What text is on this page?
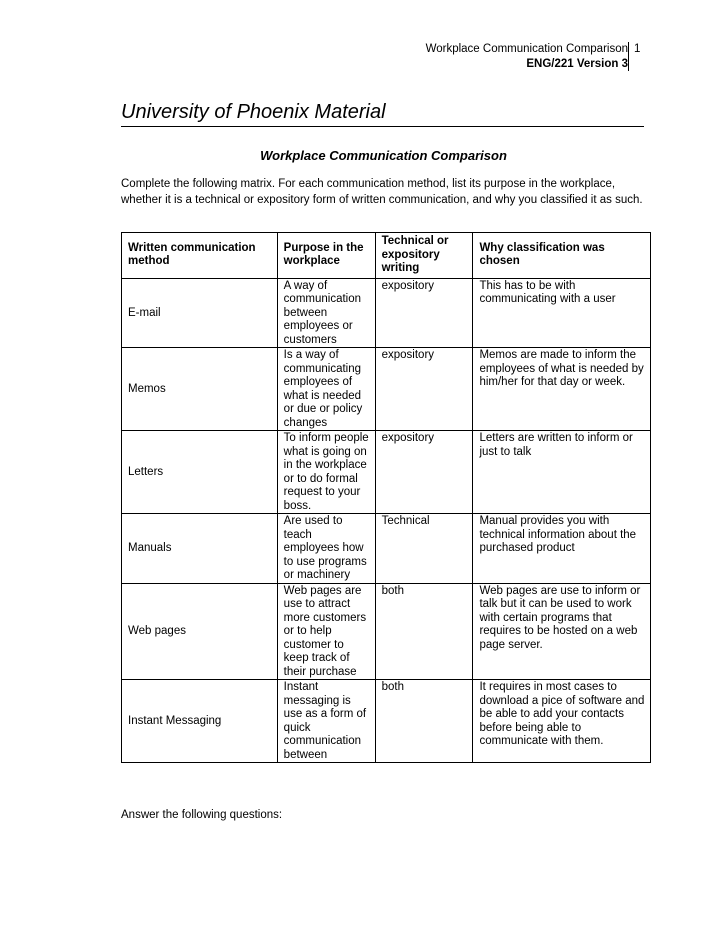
Workplace Communication Comparison
ENG/221 Version 3
1
University of Phoenix Material
Workplace Communication Comparison
Complete the following matrix. For each communication method, list its purpose in the workplace, whether it is a technical or expository form of written communication, and why you classified it as such.
Written communication method	Purpose in the workplace	Technical or expository writing	Why classification was chosen
E-mail	A way of communication between employees or customers	expository	This has to be with communicating with a user
Memos	Is a way of communicating employees of what is needed or due or policy changes	expository	Memos are made to inform the employees of what is needed by him/her for that day or week.
Letters	To inform people what is going on in the workplace or to do formal request to your boss.	expository	Letters are written to inform or just to talk
Manuals	Are used to teach employees how to use programs or machinery	Technical	Manual provides you with technical information about the purchased product
Web pages	Web pages are use to attract more customers or to help customer to keep track of their purchase	both	Web pages are use to inform or talk but it can be used to work with certain programs that requires to be hosted on a web page server.
Instant Messaging	Instant messaging is use as a form of quick communication between	both	It requires in most cases to download a pice of software and be able to add your contacts before being able to communicate with them.
Answer the following questions:
